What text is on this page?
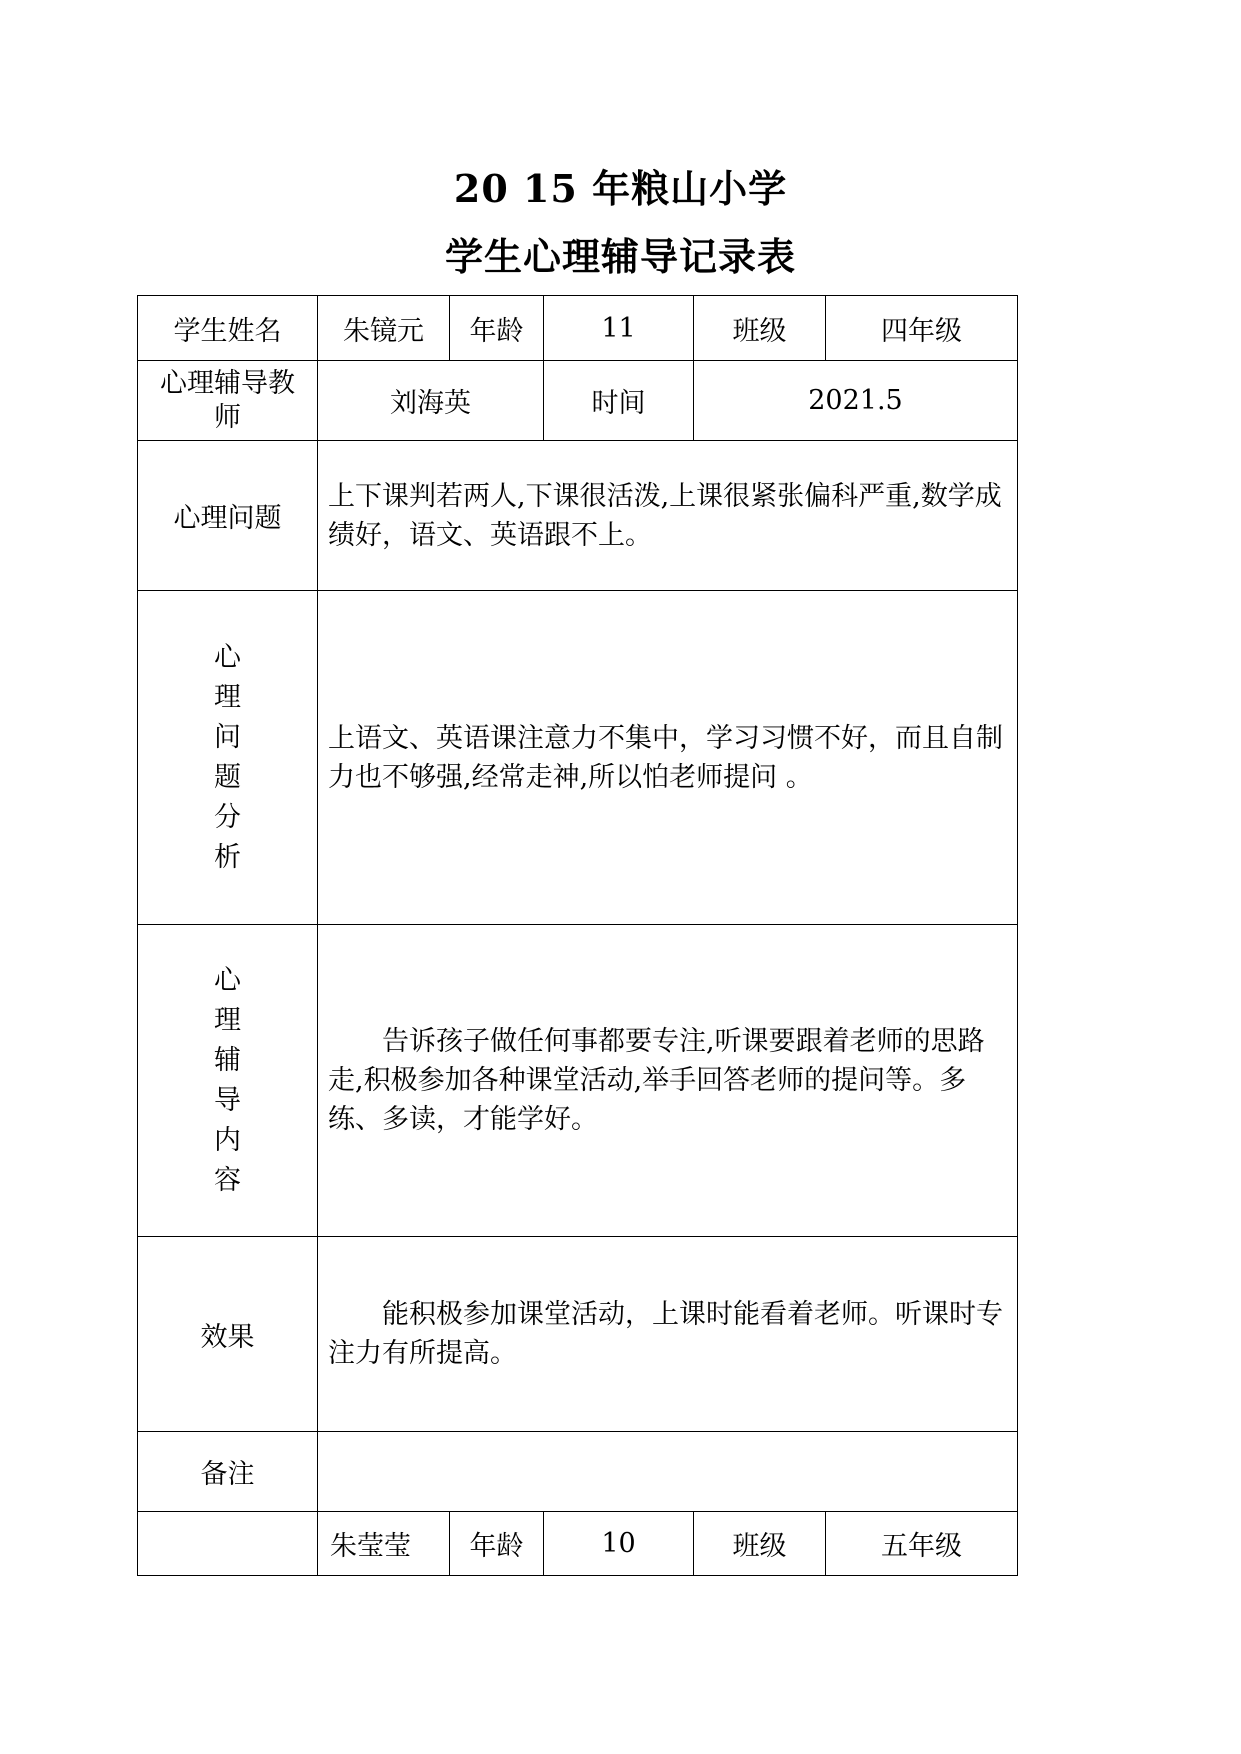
20 15 年粮山小学
学生心理辅导记录表
学生姓名	朱镜元	年龄	11	班级	四年级

心理辅导教师	刘海英		时间	2021.5	
心理问题	上下课判若两人,下课很活泼,上课很紧张偏科严重,数学成绩好，语文、英语跟不上。				
心理问题分析	上语文、英语课注意力不集中，学习习惯不好，而且自制力也不够强,经常走神,所以怕老师提问 。				
心理辅导内容	告诉孩子做任何事都要专注,听课要跟着老师的思路走,积极参加各种课堂活动,举手回答老师的提问等。多练、多读，才能学好。				
效果	能积极参加课堂活动，上课时能看着老师。听课时专注力有所提高。				
备注					
	朱莹莹	年龄	10	班级	五年级
